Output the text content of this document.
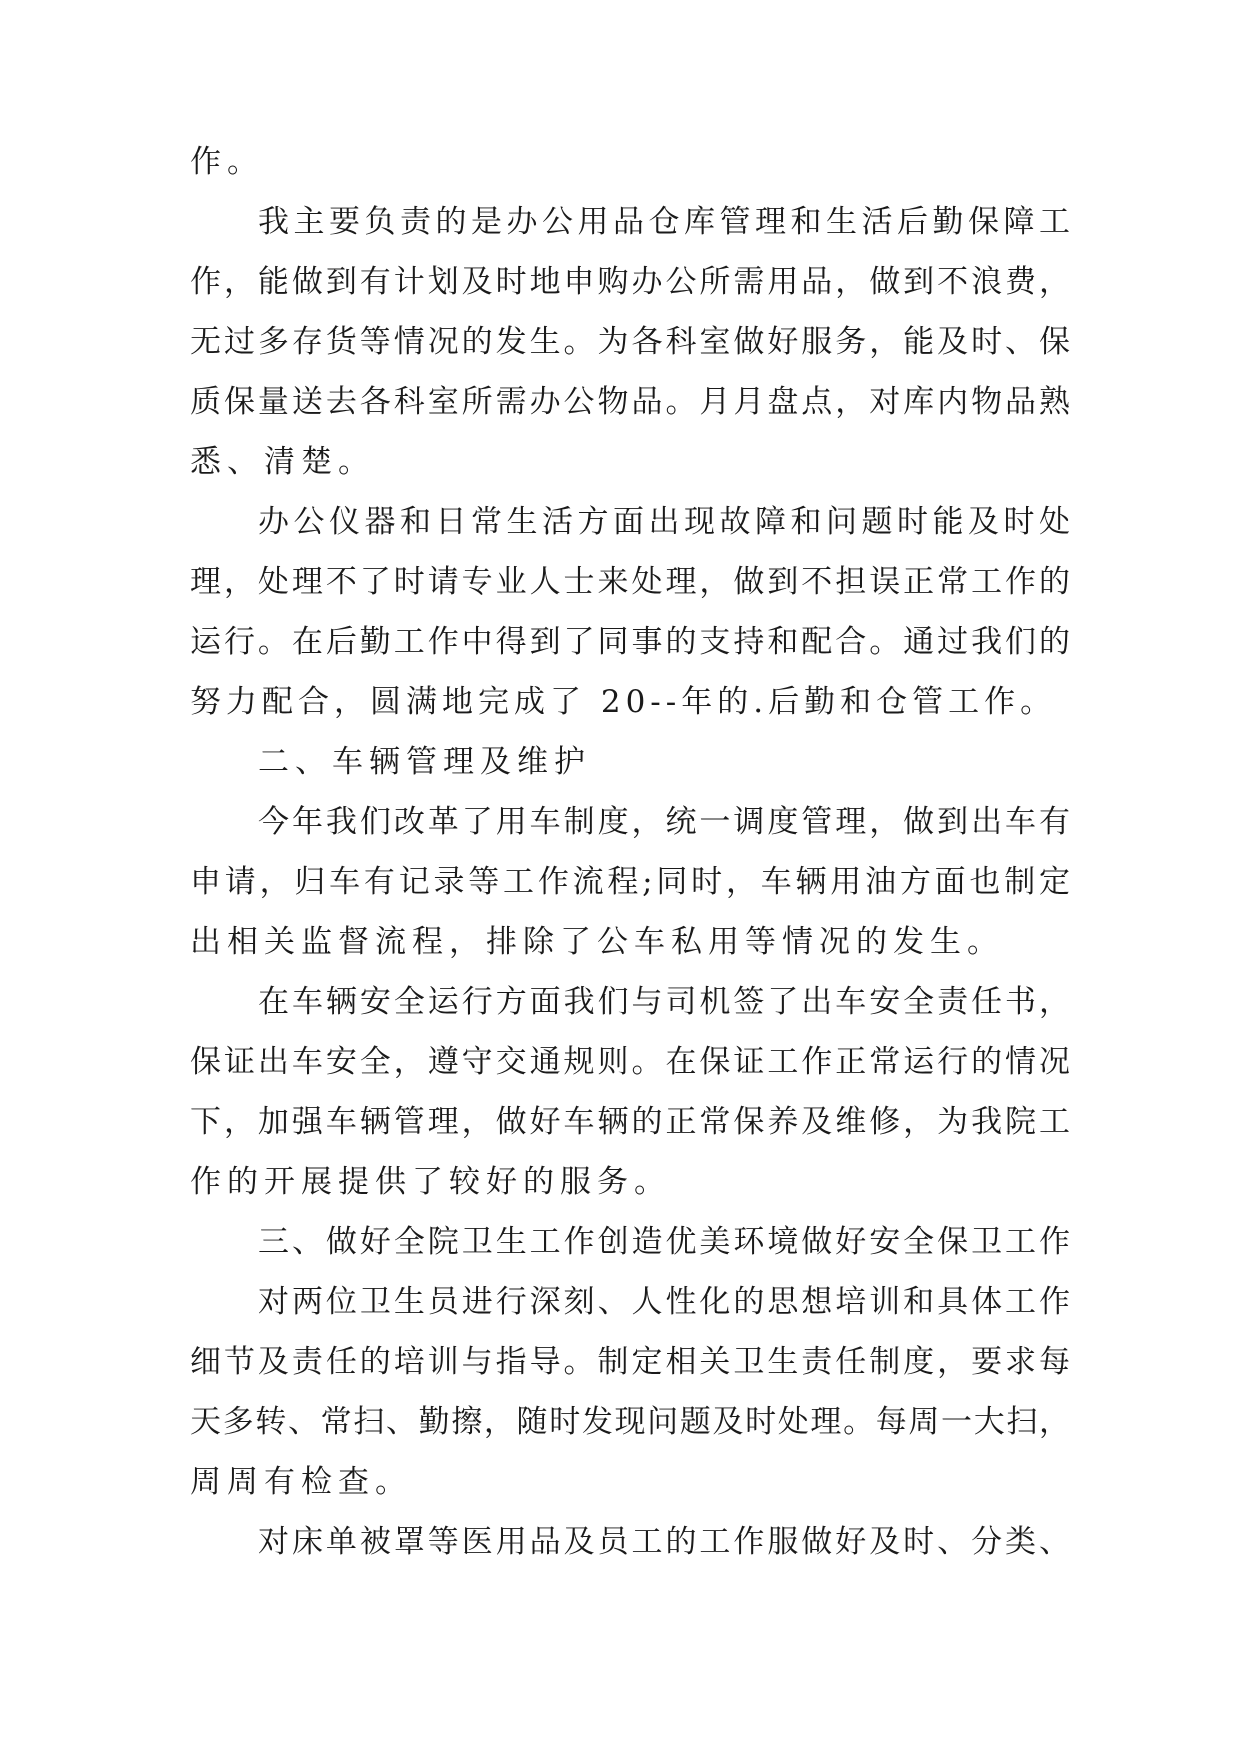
作。
我主要负责的是办公用品仓库管理和生活后勤保障工
作，能做到有计划及时地申购办公所需用品，做到不浪费，
无过多存货等情况的发生。为各科室做好服务，能及时、保
质保量送去各科室所需办公物品。月月盘点，对库内物品熟
悉、清楚。
办公仪器和日常生活方面出现故障和问题时能及时处
理，处理不了时请专业人士来处理，做到不担误正常工作的
运行。在后勤工作中得到了同事的支持和配合。通过我们的
努力配合，圆满地完成了 20--年的.后勤和仓管工作。
二、车辆管理及维护
今年我们改革了用车制度，统一调度管理，做到出车有
申请，归车有记录等工作流程;同时，车辆用油方面也制定
出相关监督流程，排除了公车私用等情况的发生。
在车辆安全运行方面我们与司机签了出车安全责任书，
保证出车安全，遵守交通规则。在保证工作正常运行的情况
下，加强车辆管理，做好车辆的正常保养及维修，为我院工
作的开展提供了较好的服务。
三、做好全院卫生工作创造优美环境做好安全保卫工作
对两位卫生员进行深刻、人性化的思想培训和具体工作
细节及责任的培训与指导。制定相关卫生责任制度，要求每
天多转、常扫、勤擦，随时发现问题及时处理。每周一大扫，
周周有检查。
对床单被罩等医用品及员工的工作服做好及时、分类、
